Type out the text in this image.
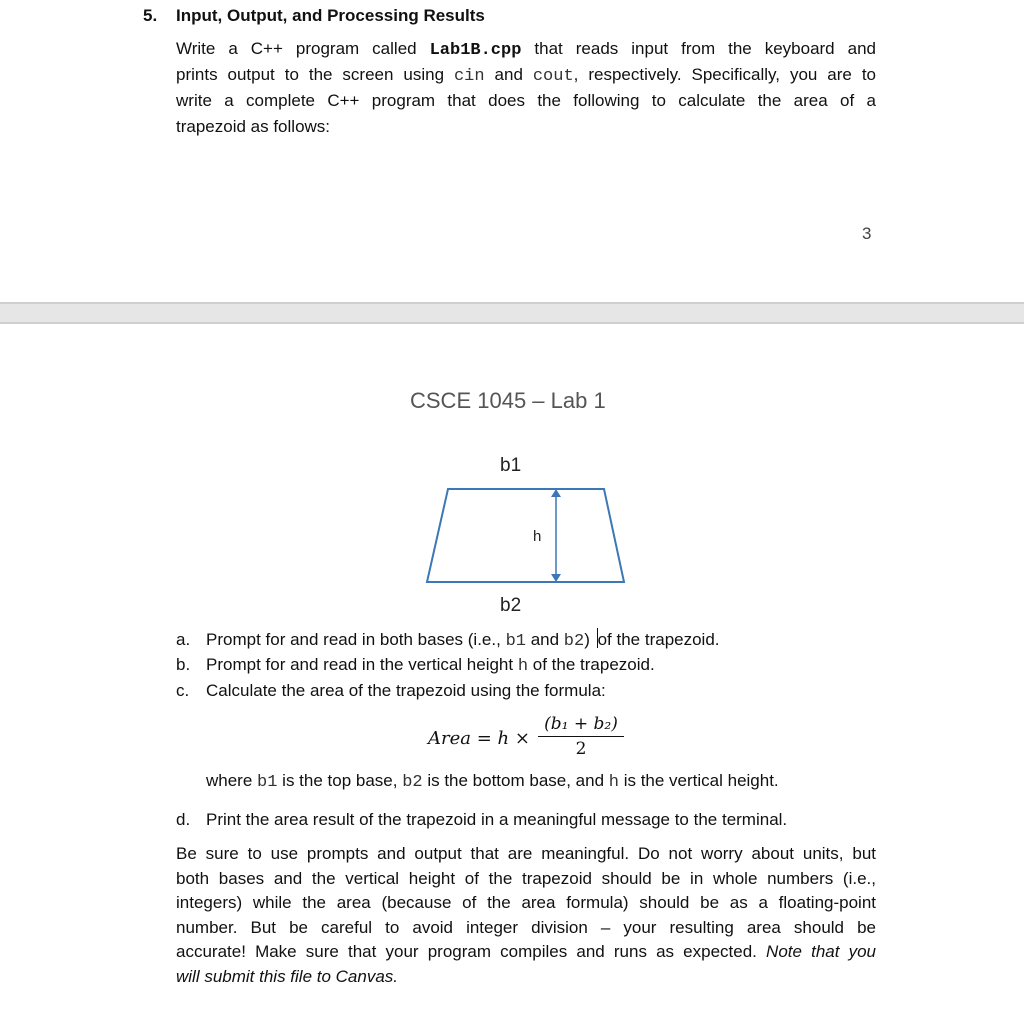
5. Input, Output, and Processing Results
Write a C++ program called Lab1B.cpp that reads input from the keyboard and
prints output to the screen using cin and cout, respectively. Specifically, you are to
write a complete C++ program that does the following to calculate the area of a
trapezoid as follows:
3
CSCE 1045 – Lab 1
b1
h
b2
a. Prompt for and read in both bases (i.e., b1 and b2) of the trapezoid.
b. Prompt for and read in the vertical height h of the trapezoid.
c. Calculate the area of the trapezoid using the formula:
Area = h ×
(b₁ + b₂)
2
where b1 is the top base, b2 is the bottom base, and h is the vertical height.
d. Print the area result of the trapezoid in a meaningful message to the terminal.
Be sure to use prompts and output that are meaningful. Do not worry about units, but
both bases and the vertical height of the trapezoid should be in whole numbers (i.e.,
integers) while the area (because of the area formula) should be as a floating-point
number. But be careful to avoid integer division – your resulting area should be
accurate! Make sure that your program compiles and runs as expected. Note that you
will submit this file to Canvas.
